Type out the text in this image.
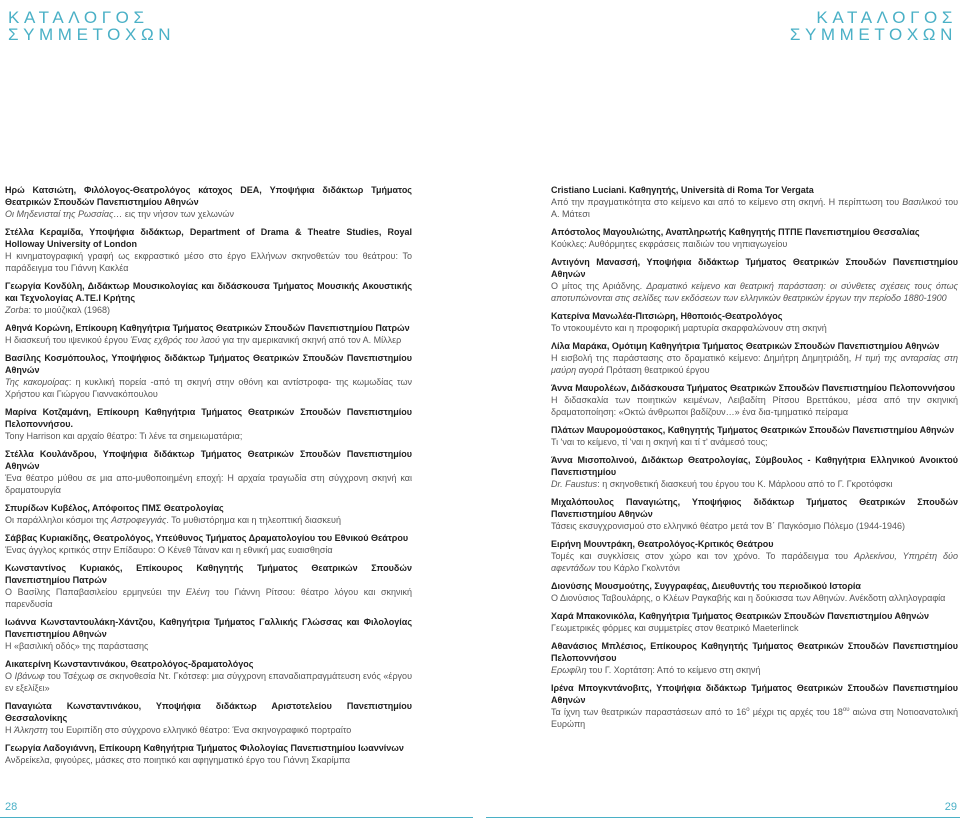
ΚΑΤΑΛΟΓΟΣ
ΣΥΜΜΕΤΟΧΩΝ
ΚΑΤΑΛΟΓΟΣ
ΣΥΜΜΕΤΟΧΩΝ
Ηρώ Κατσιώτη, Φιλόλογος-Θεατρολόγος κάτοχος DEA, Υποψήφια διδάκτωρ Τμήματος Θεατρικών Σπουδών Πανεπιστημίου Αθηνών
Οι Μηδενισταί της Ρωσσίας… εις την νήσον των χελωνών
Στέλλα Κεραμίδα, Υποψήφια διδάκτωρ, Department of Drama & Theatre Studies, Royal Holloway University of London
Η κινηματογραφική γραφή ως εκφραστικό μέσο στο έργο Ελλήνων σκηνοθετών του θεάτρου: Το παράδειγμα του Γιάννη Κακλέα
Γεωργία Κονδύλη, Διδάκτωρ Μουσικολογίας και διδάσκουσα Τμήματος Μουσικής Ακουστικής και Τεχνολογίας Α.ΤΕ.Ι Κρήτης
Zorba: το μιούζικαλ (1968)
Αθηνά Κορώνη, Επίκουρη Καθηγήτρια Τμήματος Θεατρικών Σπουδών Πανεπιστημίου Πατρών
Η διασκευή του ιψενικού έργου Ένας εχθρός του λαού για την αμερικανική σκηνή από τον Α. Μίλλερ
Βασίλης Κοσμόπουλος, Υποψήφιος διδάκτωρ Τμήματος Θεατρικών Σπουδών Πανεπιστημίου Αθηνών
Της κακομοίρας: η κυκλική πορεία -από τη σκηνή στην οθόνη και αντίστροφα- της κωμωδίας των Χρήστου και Γιώργου Γιαννακόπουλου
Μαρίνα Κοτζαμάνη, Επίκουρη Καθηγήτρια Τμήματος Θεατρικών Σπουδών Πανεπιστημίου Πελοποννήσου.
Tony Harrison και αρχαίο θέατρο: Τι λένε τα σημειωματάρια;
Στέλλα Κουλάνδρου, Υποψήφια διδάκτωρ Τμήματος Θεατρικών Σπουδών Πανεπιστημίου Αθηνών
Ένα θέατρο μύθου σε μια απο-μυθοποιημένη εποχή: Η αρχαία τραγωδία στη σύγχρονη σκηνή και δραματουργία
Σπυρίδων Κυβέλος, Απόφοιτος ΠΜΣ Θεατρολογίας
Οι παράλληλοι κόσμοι της Αστροφεγγιάς. Το μυθιστόρημα και η τηλεοπτική διασκευή
Σάββας Κυριακίδης, Θεατρολόγος, Υπεύθυνος Τμήματος Δραματολογίου του Εθνικού Θεάτρου
Ένας άγγλος κριτικός στην Επίδαυρο: O Κένεθ Τάιναν και η εθνική μας ευαισθησία
Κωνσταντίνος Κυριακός, Επίκουρος Καθηγητής Τμήματος Θεατρικών Σπουδών Πανεπιστημίου Πατρών
Ο Βασίλης Παπαβασιλείου ερμηνεύει την Ελένη του Γιάννη Ρίτσου: θέατρο λόγου και σκηνική παρενδυσία
Ιωάννα Κωνσταντουλάκη-Χάντζου, Καθηγήτρια Τμήματος Γαλλικής Γλώσσας και Φιλολογίας Πανεπιστημίου Αθηνών
Η «βασιλική οδός» της παράστασης
Αικατερίνη Κωνσταντινάκου, Θεατρολόγος-δραματολόγος
Ο Ιβάνωφ του Τσέχωφ σε σκηνοθεσία Ντ. Γκότσεφ: μια σύγχρονη επαναδιαπραγμάτευση ενός «έργου εν εξελίξει»
Παναγιώτα Κωνσταντινάκου, Υποψήφια διδάκτωρ Αριστοτελείου Πανεπιστημίου Θεσσαλονίκης
Η Άλκηστη του Ευριπίδη στο σύγχρονο ελληνικό θέατρο: Ένα σκηνογραφικό πορτραίτο
Γεωργία Λαδογιάννη, Επίκουρη Καθηγήτρια Τμήματος Φιλολογίας Πανεπιστημίου Ιωαννίνων
Ανδρείκελα, φιγούρες, μάσκες στο ποιητικό και αφηγηματικό έργο του Γιάννη Σκαρίμπα
Cristiano Luciani. Καθηγητής, Università di Roma Tor Vergata
Από την πραγματικότητα στο κείμενο και από το κείμενο στη σκηνή. Η περίπτωση του Βασιλικού του Α. Μάτεσι
Απόστολος Μαγουλιώτης, Αναπληρωτής Καθηγητής ΠΤΠΕ Πανεπιστημίου Θεσσαλίας
Κούκλες: Αυθόρμητες εκφράσεις παιδιών του νηπιαγωγείου
Αντιγόνη Μανασσή, Υποψήφια διδάκτωρ Τμήματος Θεατρικών Σπουδών Πανεπιστημίου Αθηνών
Ο μίτος της Αριάδνης. Δραματικό κείμενο και θεατρική παράσταση: οι σύνθετες σχέσεις τους όπως αποτυπώνονται στις σελίδες των εκδόσεων των ελληνικών θεατρικών έργων την περίοδο 1880-1900
Κατερίνα Μανωλέα-Πιτσιώρη, Ηθοποιός-Θεατρολόγος
Το ντοκουμέντο και η προφορική μαρτυρία σκαρφαλώνουν στη σκηνή
Λίλα Μαράκα, Ομότιμη Καθηγήτρια Τμήματος Θεατρικών Σπουδών Πανεπιστημίου Αθηνών
Η εισβολή της παράστασης στο δραματικό κείμενο: Δημήτρη Δημητριάδη, Η τιμή της ανταρσίας στη μαύρη αγορά Πρόταση θεατρικού έργου
Άννα Μαυρολέων, Διδάσκουσα Τμήματος Θεατρικών Σπουδών Πανεπιστημίου Πελοποννήσου
Η διδασκαλία των ποιητικών κειμένων, Λειβαδίτη Ρίτσου Βρεττάκου, μέσα από την σκηνική δραματοποίηση: «Οκτώ άνθρωποι βαδίζουν…» ένα δια-τμηματικό πείραμα
Πλάτων Μαυρομούστακος, Καθηγητής Τμήματος Θεατρικών Σπουδών Πανεπιστημίου Αθηνών
Τι 'ναι το κείμενο, τί 'ναι η σκηνή και τί τ' ανάμεσό τους;
Άννα Μισοπολινού, Διδάκτωρ Θεατρολογίας, Σύμβουλος - Καθηγήτρια Ελληνικού Ανοικτού Πανεπιστημίου
Dr. Faustus: η σκηνοθετική διασκευή του έργου του Κ. Μάρλοου από το Γ. Γκροτόφσκι
Μιχαλόπουλος Παναγιώτης, Υποψήφιος διδάκτωρ Τμήματος Θεατρικών Σπουδών Πανεπιστημίου Αθηνών
Τάσεις εκσυγχρονισμού στο ελληνικό θέατρο μετά τον Β΄ Παγκόσμιο Πόλεμο (1944-1946)
Ειρήνη Μουντράκη, Θεατρολόγος-Κριτικός Θεάτρου
Τομές και συγκλίσεις στον χώρο και τον χρόνο. Το παράδειγμα του Αρλεκίνου, Υπηρέτη δύο αφεντάδων του Κάρλο Γκολντόνι
Διονύσης Μουσμούτης, Συγγραφέας, Διευθυντής του περιοδικού Ιστορία
Ο Διονύσιος Ταβουλάρης, ο Κλέων Ραγκαβής και η δούκισσα των Αθηνών. Ανέκδοτη αλληλογραφία
Χαρά Μπακονικόλα, Καθηγήτρια Τμήματος Θεατρικών Σπουδών Πανεπιστημίου Αθηνών
Γεωμετρικές φόρμες και συμμετρίες στον θεατρικό Maeterlinck
Αθανάσιος Μπλέσιος, Επίκουρος Καθηγητής Τμήματος Θεατρικών Σπουδών Πανεπιστημίου Πελοποννήσου
Ερωφίλη του Γ. Χορτάτση: Από το κείμενο στη σκηνή
Ιρένα Μπογκντάνοβιτς, Υποψήφια διδάκτωρ Τμήματος Θεατρικών Σπουδών Πανεπιστημίου Αθηνών
Τα ίχνη των θεατρικών παραστάσεων από το $16^o$ μέχρι τις αρχές του $18^{o\upsilon}$ αιώνα στη Νοτιοανατολική Ευρώπη
28	29
